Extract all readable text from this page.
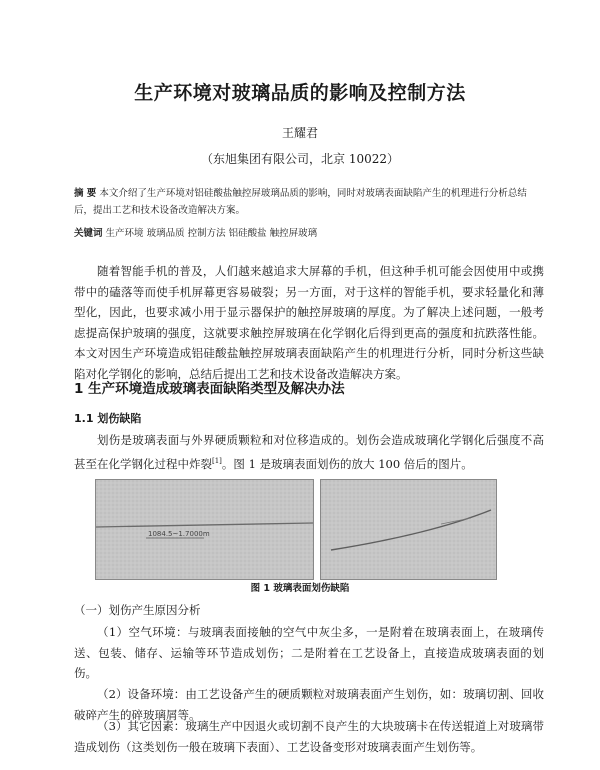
生产环境对玻璃品质的影响及控制方法
王耀君
（东旭集团有限公司，北京 10022）
摘 要 本文介绍了生产环境对铝硅酸盐触控屏玻璃品质的影响，同时对玻璃表面缺陷产生的机理进行分析总结后，提出工艺和技术设备改造解决方案。
关键词 生产环境 玻璃品质 控制方法 铝硅酸盐 触控屏玻璃
随着智能手机的普及，人们越来越追求大屏幕的手机，但这种手机可能会因使用中或携带中的磕落等而使手机屏幕更容易破裂；另一方面，对于这样的智能手机，要求轻量化和薄型化，因此，也要求减小用于显示器保护的触控屏玻璃的厚度。为了解决上述问题，一般考虑提高保护玻璃的强度，这就要求触控屏玻璃在化学钢化后得到更高的强度和抗跌落性能。本文对因生产环境造成铝硅酸盐触控屏玻璃表面缺陷产生的机理进行分析，同时分析这些缺陷对化学钢化的影响，总结后提出工艺和技术设备改造解决方案。
1 生产环境造成玻璃表面缺陷类型及解决办法
1.1 划伤缺陷
划伤是玻璃表面与外界硬质颗粒和对位移造成的。划伤会造成玻璃化学钢化后强度不高甚至在化学钢化过程中炸裂[1]。图 1 是玻璃表面划伤的放大 100 倍后的图片。
1084.5~1.7000m
图 1 玻璃表面划伤缺陷
（一）划伤产生原因分析
（1）空气环境：与玻璃表面接触的空气中灰尘多，一是附着在玻璃表面上，在玻璃传送、包装、储存、运输等环节造成划伤；二是附着在工艺设备上，直接造成玻璃表面的划伤。
（2）设备环境：由工艺设备产生的硬质颗粒对玻璃表面产生划伤，如：玻璃切割、回收破碎产生的碎玻璃屑等。
（3）其它因素：玻璃生产中因退火或切割不良产生的大块玻璃卡在传送辊道上对玻璃带造成划伤（这类划伤一般在玻璃下表面）、工艺设备变形对玻璃表面产生划伤等。
